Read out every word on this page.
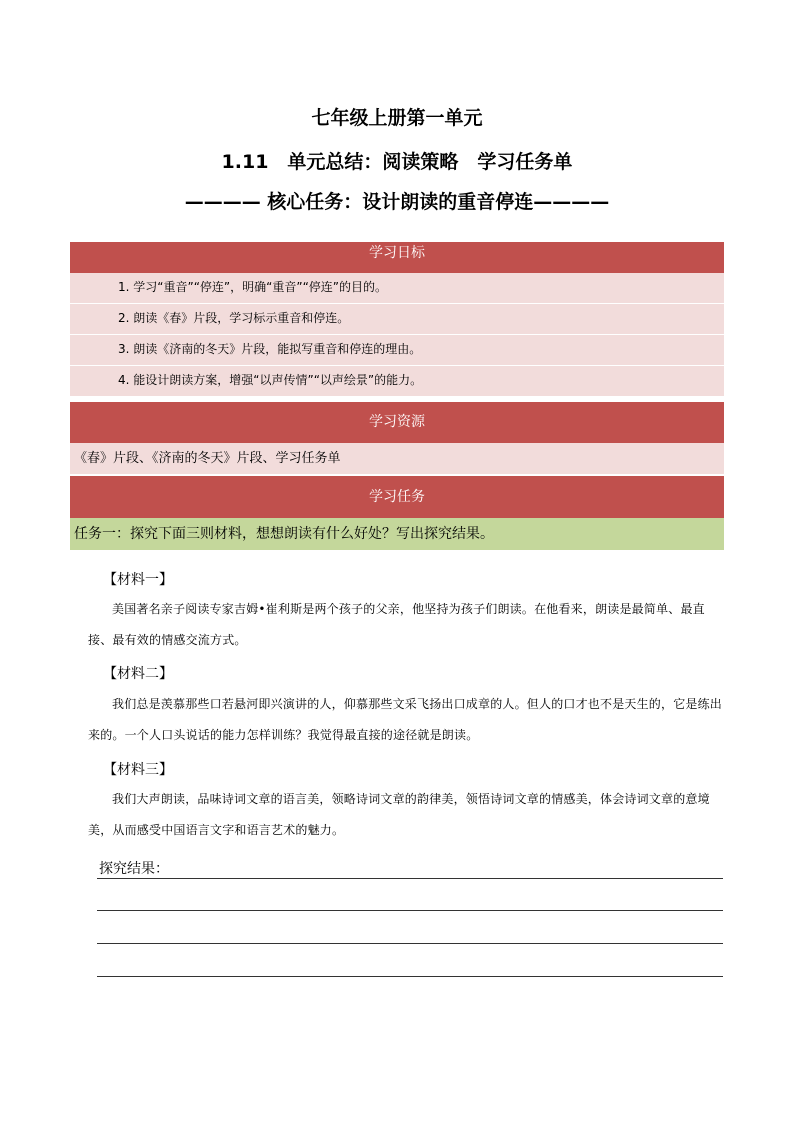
七年级上册第一单元
1.11　单元总结：阅读策略　学习任务单
———— 核心任务：设计朗读的重音停连————
学习日标
1. 学习“重音”“停连”，明确“重音”“停连”的目的。
2. 朗读《春》片段，学习标示重音和停连。
3. 朗读《济南的冬天》片段，能拟写重音和停连的理由。
4. 能设计朗读方案，增强“以声传情”“以声绘景”的能力。
学习资源
《春》片段、《济南的冬天》片段、学习任务单
学习任务
任务一：探究下面三则材料，想想朗读有什么好处？写出探究结果。
【材料一】
美国著名亲子阅读专家吉姆•崔利斯是两个孩子的父亲，他坚持为孩子们朗读。在他看来，朗读是最简单、最直接、最有效的情感交流方式。
【材料二】
我们总是羡慕那些口若悬河即兴演讲的人，仰慕那些文采飞扬出口成章的人。但人的口才也不是天生的，它是练出来的。一个人口头说话的能力怎样训练？我觉得最直接的途径就是朗读。
【材料三】
我们大声朗读，品味诗词文章的语言美，领略诗词文章的韵律美，领悟诗词文章的情感美，体会诗词文章的意境美，从而感受中国语言文字和语言艺术的魅力。
探究结果：
